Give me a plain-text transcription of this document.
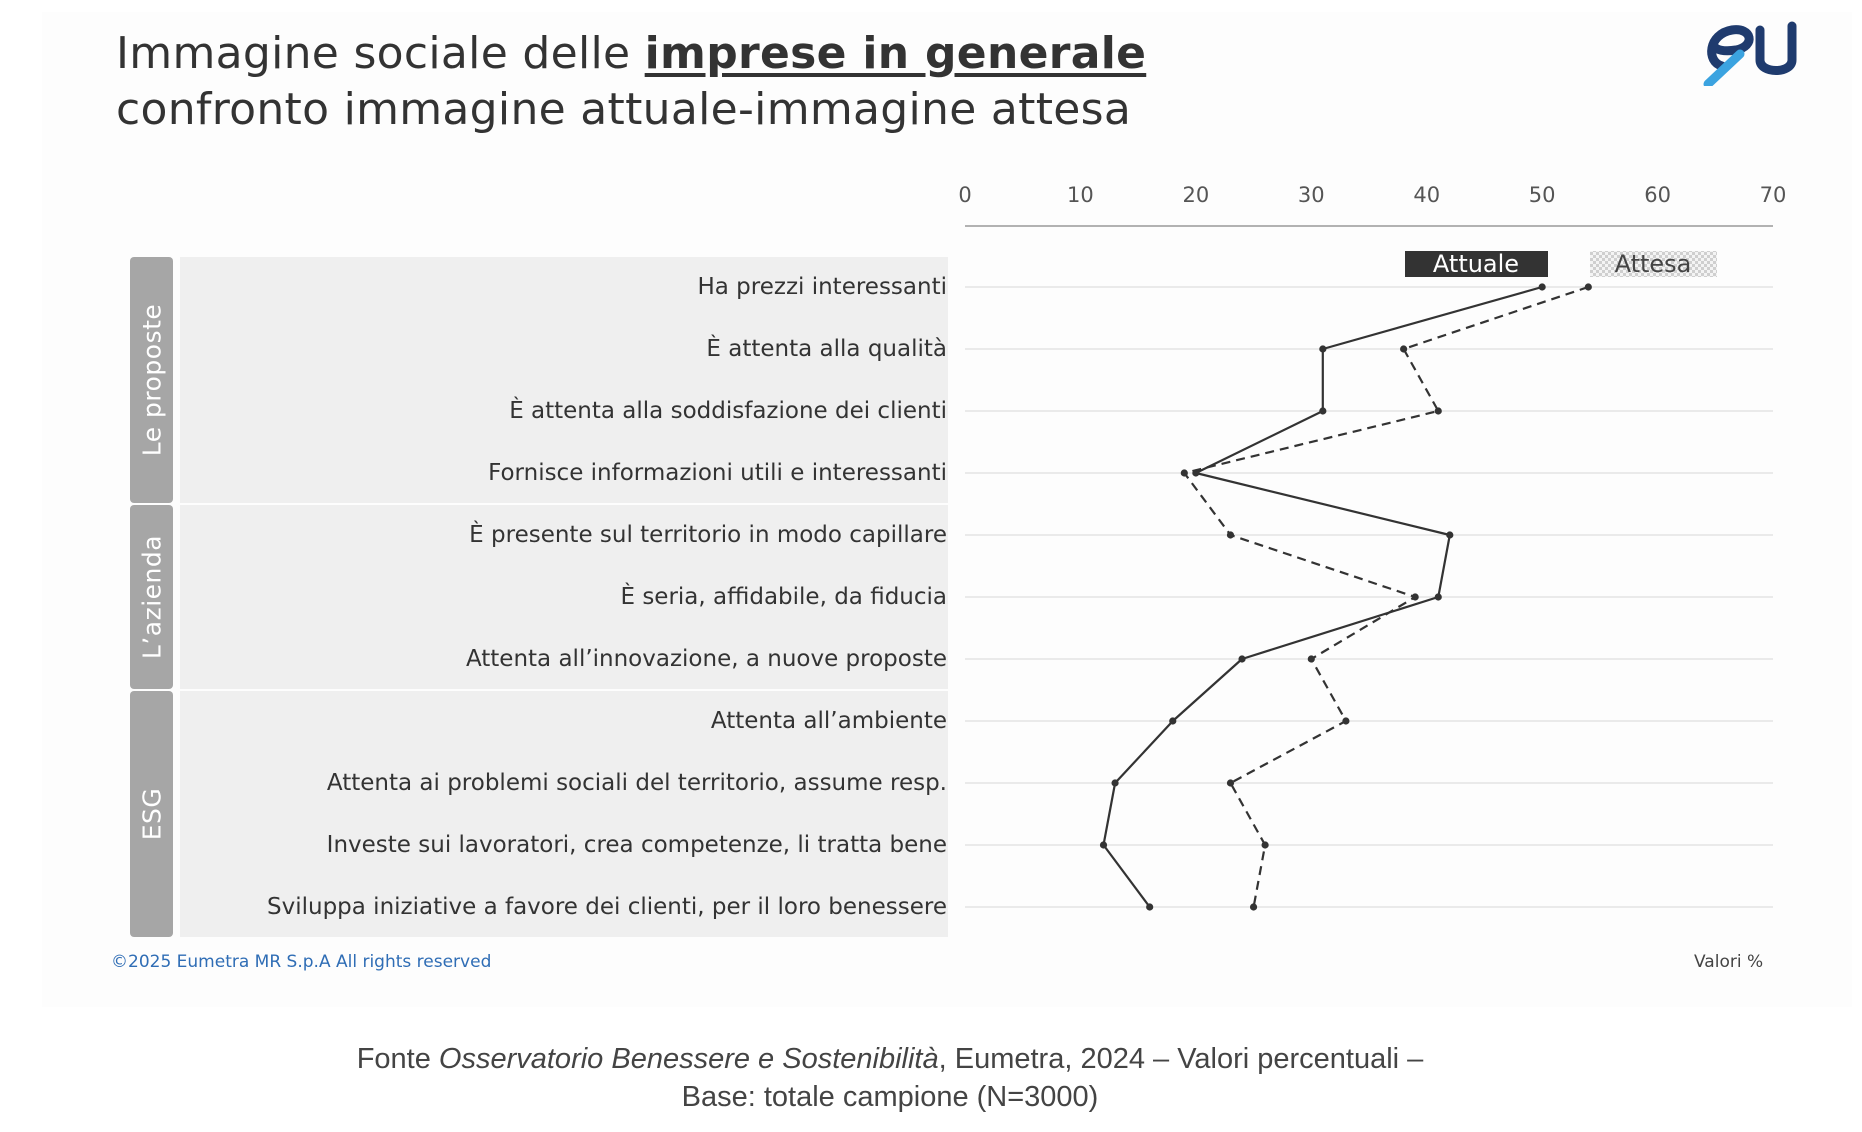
Immagine sociale delle imprese in generale
confronto immagine attuale-immagine attesa
Le proposte
L’azienda
ESG
Ha prezzi interessanti
È attenta alla qualità
È attenta alla soddisfazione dei clienti
Fornisce informazioni utili e interessanti
È presente sul territorio in modo capillare
È seria, affidabile, da fiducia
Attenta all’innovazione, a nuove proposte
Attenta all’ambiente
Attenta ai problemi sociali del territorio, assume resp.
Investe sui lavoratori, crea competenze, li tratta bene
Sviluppa iniziative a favore dei clienti, per il loro benessere
0	10	20	30	40	50	60	70
Attuale	Attesa
©2025 Eumetra MR S.p.A All rights reserved	Valori %
Fonte Osservatorio Benessere e Sostenibilità, Eumetra, 2024 – Valori percentuali –
Base: totale campione (N=3000)
